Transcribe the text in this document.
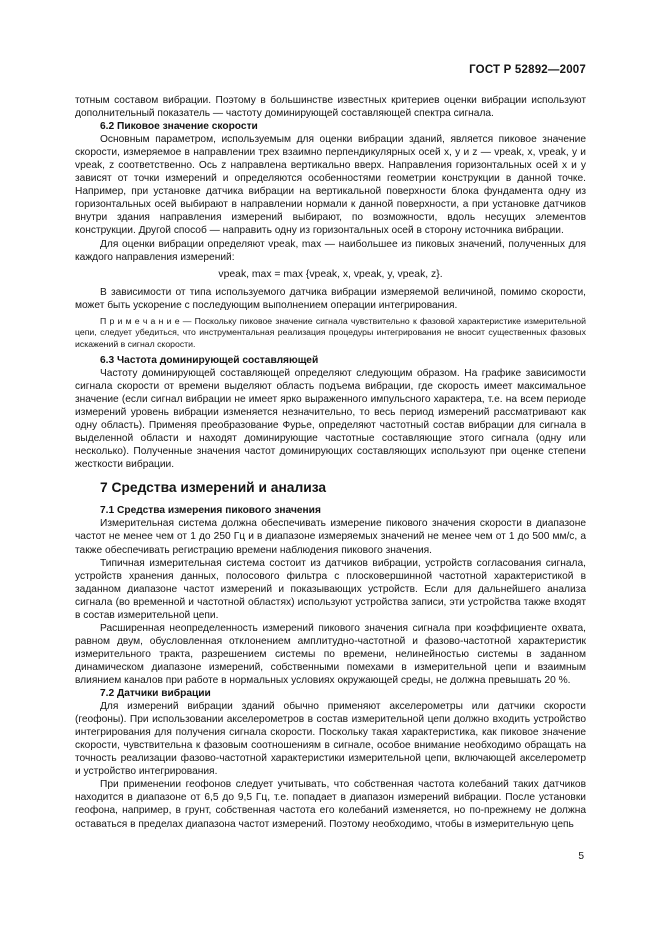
ГОСТ Р 52892—2007

тотным составом вибрации. Поэтому в большинстве известных критериев оценки вибрации используют дополнительный показатель — частоту доминирующей составляющей спектра сигнала.

6.2 Пиковое значение скорости

Основным параметром, используемым для оценки вибрации зданий, является пиковое значение скорости, измеряемое в направлении трех взаимно перпендикулярных осей x, y и z — vpeak, x, vpeak, y и vpeak, z соответственно. Ось z направлена вертикально вверх. Направления горизонтальных осей x и y зависят от точки измерений и определяются особенностями геометрии конструкции в данной точке. Например, при установке датчика вибрации на вертикальной поверхности блока фундамента одну из горизонтальных осей выбирают в направлении нормали к данной поверхности, а при установке датчиков внутри здания направления измерений выбирают, по возможности, вдоль несущих элементов конструкции. Другой способ — направить одну из горизонтальных осей в сторону источника вибрации.

Для оценки вибрации определяют vpeak, max — наибольшее из пиковых значений, полученных для каждого направления измерений:

vpeak, max = max {vpeak, x, vpeak, y, vpeak, z}.

В зависимости от типа используемого датчика вибрации измеряемой величиной, помимо скорости, может быть ускорение с последующим выполнением операции интегрирования.

П р и м е ч а н и е — Поскольку пиковое значение сигнала чувствительно к фазовой характеристике измерительной цепи, следует убедиться, что инструментальная реализация процедуры интегрирования не вносит существенных фазовых искажений в сигнал скорости.

6.3 Частота доминирующей составляющей

Частоту доминирующей составляющей определяют следующим образом. На графике зависимости сигнала скорости от времени выделяют область подъема вибрации, где скорость имеет максимальное значение (если сигнал вибрации не имеет ярко выраженного импульсного характера, т.е. на всем периоде измерений уровень вибрации изменяется незначительно, то весь период измерений рассматривают как одну область). Применяя преобразование Фурье, определяют частотный состав вибрации для сигнала в выделенной области и находят доминирующие частотные составляющие этого сигнала (одну или несколько). Полученные значения частот доминирующих составляющих используют при оценке степени жесткости вибрации.

7 Средства измерений и анализа
7.1 Средства измерения пикового значения

Измерительная система должна обеспечивать измерение пикового значения скорости в диапазоне частот не менее чем от 1 до 250 Гц и в диапазоне измеряемых значений не менее чем от 1 до 500 мм/с, а также обеспечивать регистрацию времени наблюдения пикового значения.

Типичная измерительная система состоит из датчиков вибрации, устройств согласования сигнала, устройств хранения данных, полосового фильтра с плосковершинной частотной характеристикой в заданном диапазоне частот измерений и показывающих устройств. Если для дальнейшего анализа сигнала (во временной и частотной областях) используют устройства записи, эти устройства также входят в состав измерительной цепи.

Расширенная неопределенность измерений пикового значения сигнала при коэффициенте охвата, равном двум, обусловленная отклонением амплитудно-частотной и фазово-частотной характеристик измерительного тракта, разрешением системы по времени, нелинейностью системы в заданном динамическом диапазоне измерений, собственными помехами в измерительной цепи и взаимным влиянием каналов при работе в нормальных условиях окружающей среды, не должна превышать 20 %.

7.2 Датчики вибрации

Для измерений вибрации зданий обычно применяют акселерометры или датчики скорости (геофоны). При использовании акселерометров в состав измерительной цепи должно входить устройство интегрирования для получения сигнала скорости. Поскольку такая характеристика, как пиковое значение скорости, чувствительна к фазовым соотношениям в сигнале, особое внимание необходимо обращать на точность реализации фазово-частотной характеристики измерительной цепи, включающей акселерометр и устройство интегрирования.

При применении геофонов следует учитывать, что собственная частота колебаний таких датчиков находится в диапазоне от 6,5 до 9,5 Гц, т.е. попадает в диапазон измерений вибрации. После установки геофона, например, в грунт, собственная частота его колебаний изменяется, но по-прежнему не должна оставаться в пределах диапазона частот измерений. Поэтому необходимо, чтобы в измерительную цепь

5
